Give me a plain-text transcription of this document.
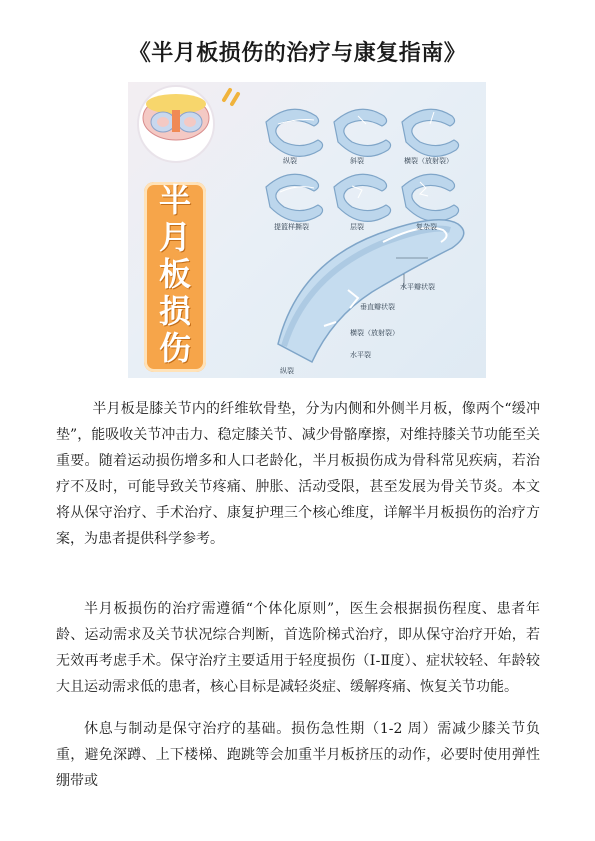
《半月板损伤的治疗与康复指南》
半
月
板
损
伤
纵裂	斜裂	横裂（放射裂）
提篮样撕裂	层裂	复杂裂
水平瓣状裂
垂直瓣状裂
横裂（放射裂）
水平裂
纵裂

半月板是膝关节内的纤维软骨垫，分为内侧和外侧半月板，像两个“缓冲垫”，能吸收关节冲击力、稳定膝关节、减少骨骼摩擦，对维持膝关节功能至关重要。随着运动损伤增多和人口老龄化，半月板损伤成为骨科常见疾病，若治疗不及时，可能导致关节疼痛、肿胀、活动受限，甚至发展为骨关节炎。本文将从保守治疗、手术治疗、康复护理三个核心维度，详解半月板损伤的治疗方案，为患者提供科学参考。

半月板损伤的治疗需遵循“个体化原则”，医生会根据损伤程度、患者年龄、运动需求及关节状况综合判断，首选阶梯式治疗，即从保守治疗开始，若无效再考虑手术。保守治疗主要适用于轻度损伤（Ⅰ-Ⅱ度）、症状较轻、年龄较大且运动需求低的患者，核心目标是减轻炎症、缓解疼痛、恢复关节功能。

休息与制动是保守治疗的基础。损伤急性期（1-2 周）需减少膝关节负重，避免深蹲、上下楼梯、跑跳等会加重半月板挤压的动作，必要时使用弹性绷带或
